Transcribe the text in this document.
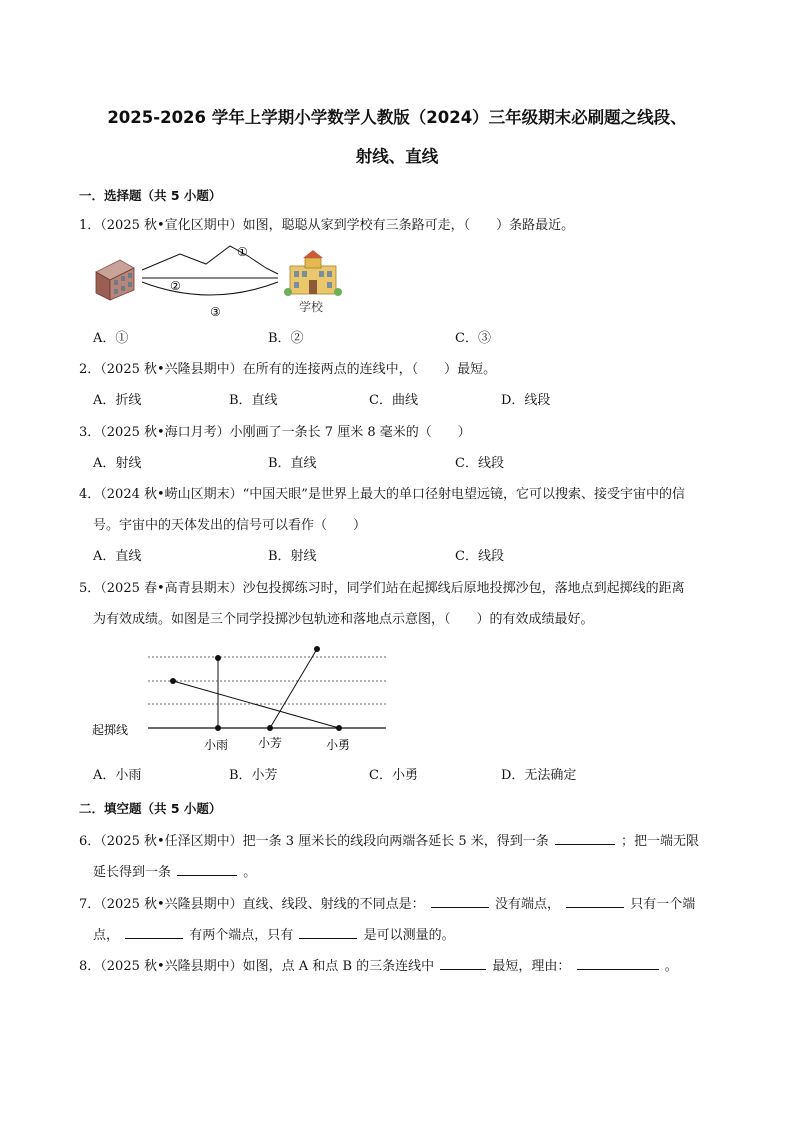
2025-2026 学年上学期小学数学人教版（2024）三年级期末必刷题之线段、
射线、直线
一．选择题（共 5 小题）
1．（2025 秋•宣化区期中）如图，聪聪从家到学校有三条路可走，（　　）条路最近。
①
②
③	学校
A．①	B．②	C．③
2．（2025 秋•兴隆县期中）在所有的连接两点的连线中，（　　）最短。
A．折线	B．直线	C．曲线	D．线段
3．（2025 秋•海口月考）小刚画了一条长 7 厘米 8 毫米的（　　）
A．射线	B．直线	C．线段
4．（2024 秋•崂山区期末）“中国天眼”是世界上最大的单口径射电望远镜，它可以搜索、接受宇宙中的信
号。宇宙中的天体发出的信号可以看作（　　）
A．直线	B．射线	C．线段
5．（2025 春•高青县期末）沙包投掷练习时，同学们站在起掷线后原地投掷沙包，落地点到起掷线的距离
为有效成绩。如图是三个同学投掷沙包轨迹和落地点示意图，（　　）的有效成绩最好。
起掷线
小雨 小芳	小勇
A．小雨	B．小芳	C．小勇	D．无法确定
二．填空题（共 5 小题）
6．（2025 秋•任泽区期中）把一条 3 厘米长的线段向两端各延长 5 米，得到一条	；把一端无限
延长得到一条	。
7．（2025 秋•兴隆县期中）直线、线段、射线的不同点是：	没有端点，	只有一个端
点，	有两个端点，只有	是可以测量的。
8．（2025 秋•兴隆县期中）如图，点 A 和点 B 的三条连线中	最短，理由：	。
